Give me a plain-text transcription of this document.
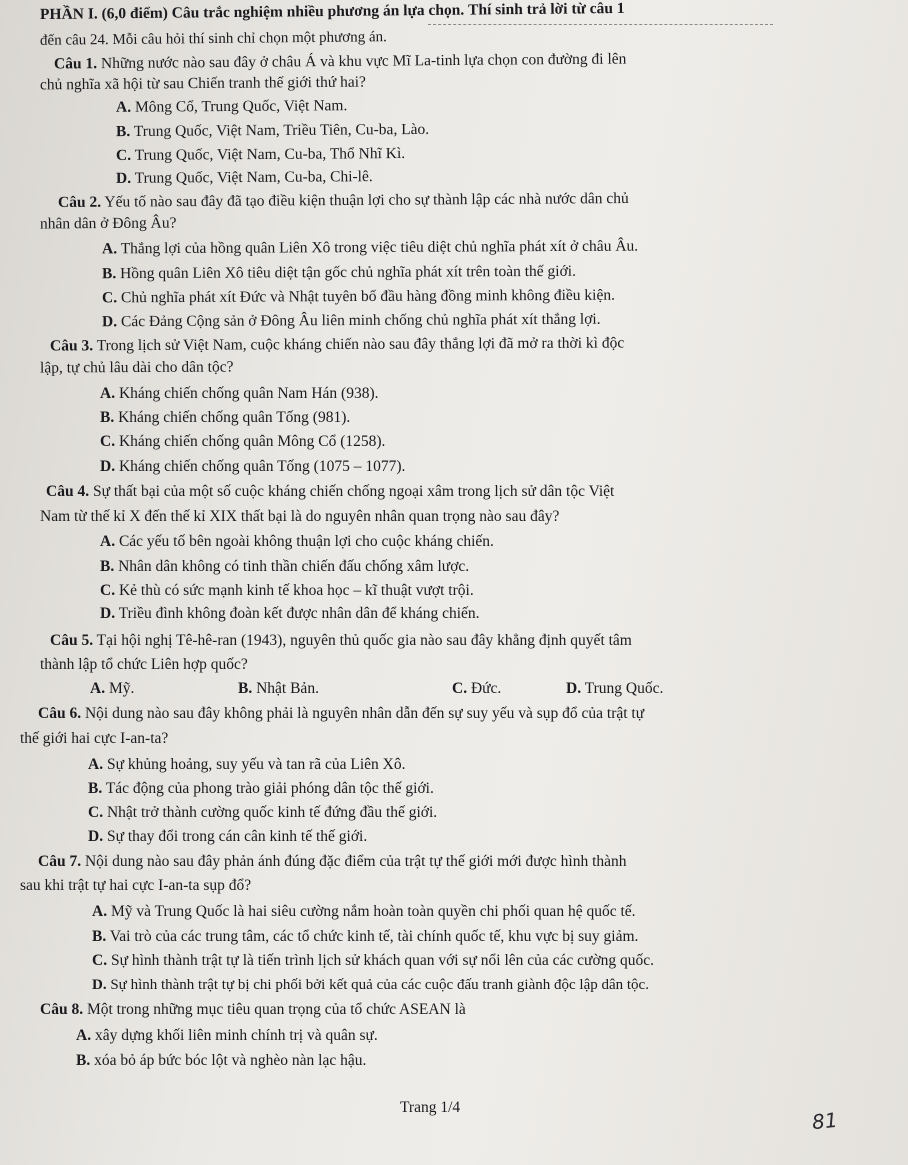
PHẦN I. (6,0 điểm) Câu trắc nghiệm nhiều phương án lựa chọn. Thí sinh trả lời từ câu 1
đến câu 24. Mỗi câu hỏi thí sinh chỉ chọn một phương án.
Câu 1. Những nước nào sau đây ở châu Á và khu vực Mĩ La-tinh lựa chọn con đường đi lên
chủ nghĩa xã hội từ sau Chiến tranh thế giới thứ hai?
A. Mông Cổ, Trung Quốc, Việt Nam.
B. Trung Quốc, Việt Nam, Triều Tiên, Cu-ba, Lào.
C. Trung Quốc, Việt Nam, Cu-ba, Thổ Nhĩ Kì.
D. Trung Quốc, Việt Nam, Cu-ba, Chi-lê.
Câu 2. Yếu tố nào sau đây đã tạo điều kiện thuận lợi cho sự thành lập các nhà nước dân chủ
nhân dân ở Đông Âu?
A. Thắng lợi của hồng quân Liên Xô trong việc tiêu diệt chủ nghĩa phát xít ở châu Âu.
B. Hồng quân Liên Xô tiêu diệt tận gốc chủ nghĩa phát xít trên toàn thế giới.
C. Chủ nghĩa phát xít Đức và Nhật tuyên bố đầu hàng đồng minh không điều kiện.
D. Các Đảng Cộng sản ở Đông Âu liên minh chống chủ nghĩa phát xít thắng lợi.
Câu 3. Trong lịch sử Việt Nam, cuộc kháng chiến nào sau đây thắng lợi đã mở ra thời kì độc
lập, tự chủ lâu dài cho dân tộc?
A. Kháng chiến chống quân Nam Hán (938).
B. Kháng chiến chống quân Tống (981).
C. Kháng chiến chống quân Mông Cổ (1258).
D. Kháng chiến chống quân Tống (1075 – 1077).
Câu 4. Sự thất bại của một số cuộc kháng chiến chống ngoại xâm trong lịch sử dân tộc Việt
Nam từ thế kỉ X đến thế kỉ XIX thất bại là do nguyên nhân quan trọng nào sau đây?
A. Các yếu tố bên ngoài không thuận lợi cho cuộc kháng chiến.
B. Nhân dân không có tinh thần chiến đấu chống xâm lược.
C. Kẻ thù có sức mạnh kinh tế khoa học – kĩ thuật vượt trội.
D. Triều đình không đoàn kết được nhân dân để kháng chiến.
Câu 5. Tại hội nghị Tê-hê-ran (1943), nguyên thủ quốc gia nào sau đây khẳng định quyết tâm
thành lập tổ chức Liên hợp quốc?
A. Mỹ.	B. Nhật Bản.	C. Đức.	D. Trung Quốc.
Câu 6. Nội dung nào sau đây không phải là nguyên nhân dẫn đến sự suy yếu và sụp đổ của trật tự
thế giới hai cực I-an-ta?
A. Sự khủng hoảng, suy yếu và tan rã của Liên Xô.
B. Tác động của phong trào giải phóng dân tộc thế giới.
C. Nhật trở thành cường quốc kinh tế đứng đầu thế giới.
D. Sự thay đổi trong cán cân kinh tế thế giới.
Câu 7. Nội dung nào sau đây phản ánh đúng đặc điểm của trật tự thế giới mới được hình thành
sau khi trật tự hai cực I-an-ta sụp đổ?
A. Mỹ và Trung Quốc là hai siêu cường nắm hoàn toàn quyền chi phối quan hệ quốc tế.
B. Vai trò của các trung tâm, các tổ chức kinh tế, tài chính quốc tế, khu vực bị suy giảm.
C. Sự hình thành trật tự là tiến trình lịch sử khách quan với sự nổi lên của các cường quốc.
D. Sự hình thành trật tự bị chi phối bởi kết quả của các cuộc đấu tranh giành độc lập dân tộc.
Câu 8. Một trong những mục tiêu quan trọng của tổ chức ASEAN là
A. xây dựng khối liên minh chính trị và quân sự.
B. xóa bỏ áp bức bóc lột và nghèo nàn lạc hậu.
Trang 1/4
81
